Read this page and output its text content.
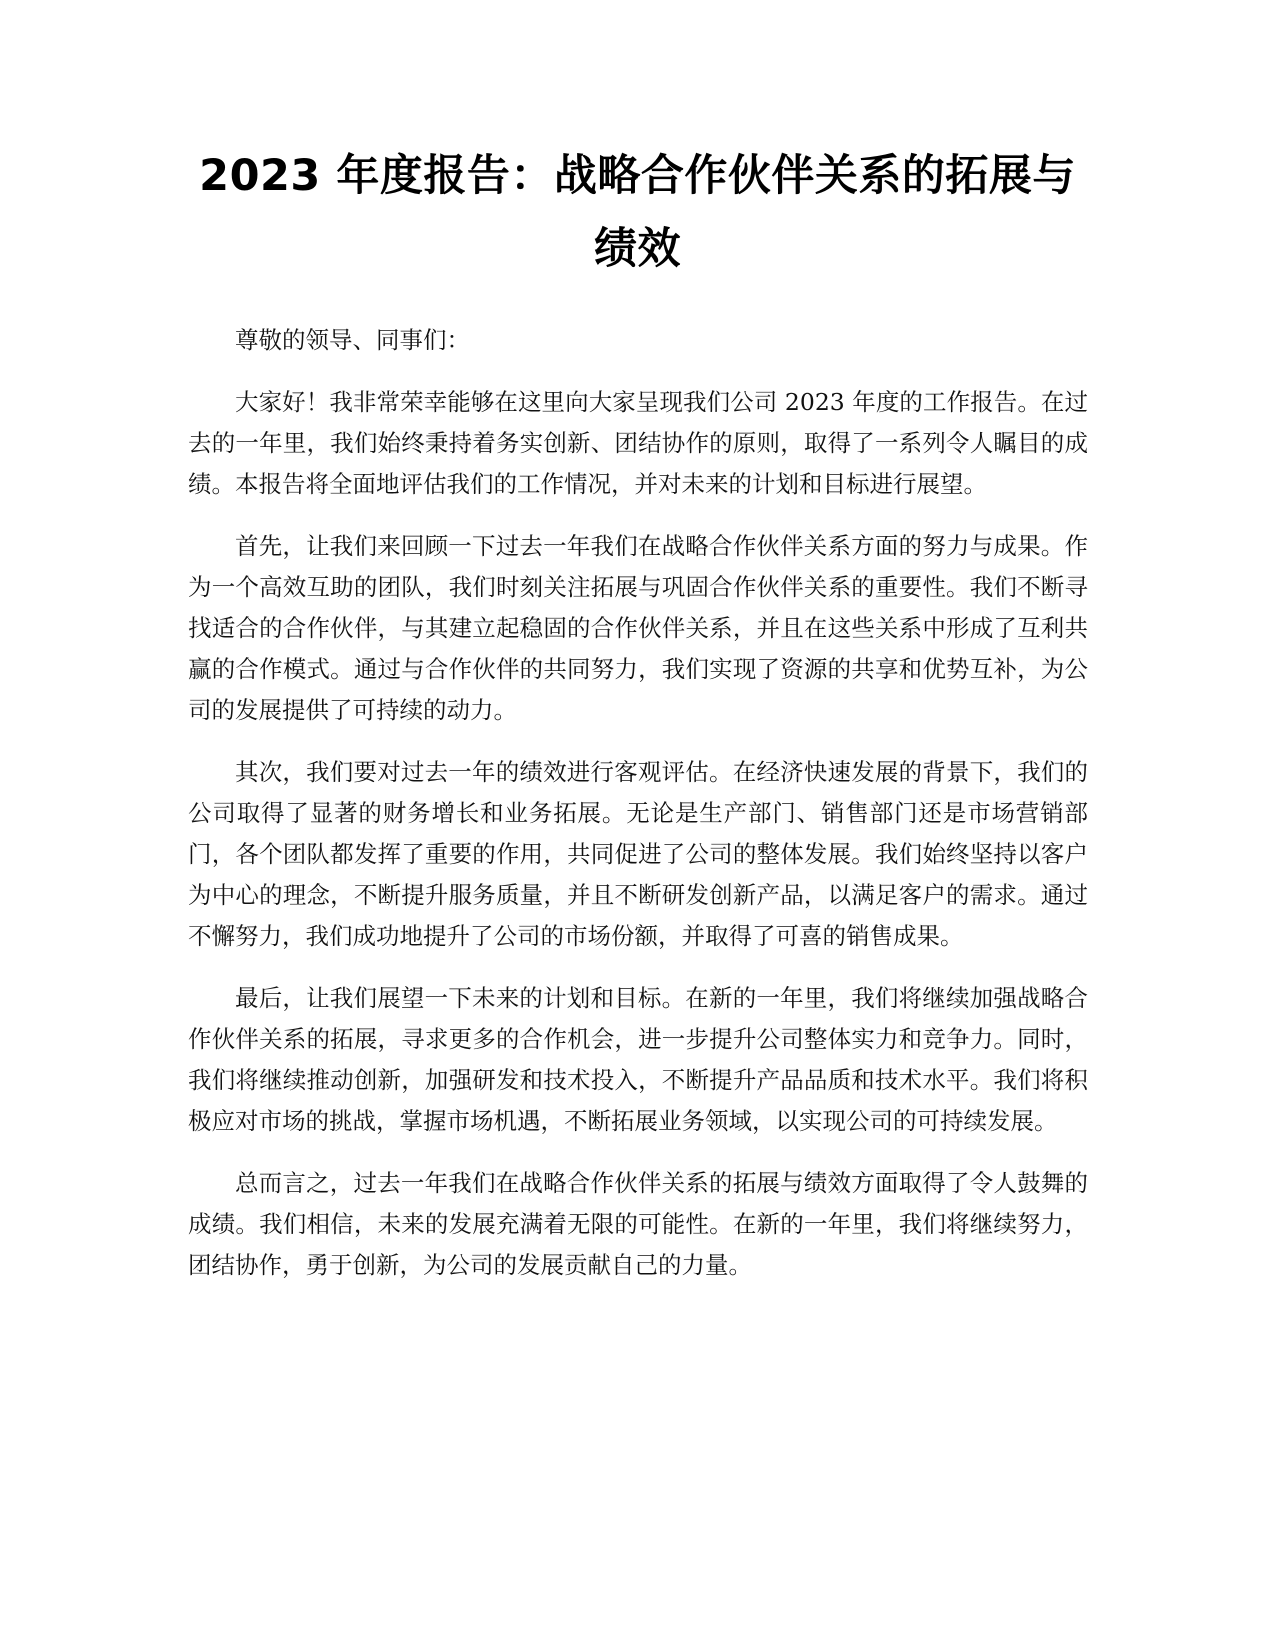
2023 年度报告：战略合作伙伴关系的拓展与绩效

尊敬的领导、同事们：

大家好！我非常荣幸能够在这里向大家呈现我们公司 2023 年度的工作报告。在过去的一年里，我们始终秉持着务实创新、团结协作的原则，取得了一系列令人瞩目的成绩。本报告将全面地评估我们的工作情况，并对未来的计划和目标进行展望。

首先，让我们来回顾一下过去一年我们在战略合作伙伴关系方面的努力与成果。作为一个高效互助的团队，我们时刻关注拓展与巩固合作伙伴关系的重要性。我们不断寻找适合的合作伙伴，与其建立起稳固的合作伙伴关系，并且在这些关系中形成了互利共赢的合作模式。通过与合作伙伴的共同努力，我们实现了资源的共享和优势互补，为公司的发展提供了可持续的动力。

其次，我们要对过去一年的绩效进行客观评估。在经济快速发展的背景下，我们的公司取得了显著的财务增长和业务拓展。无论是生产部门、销售部门还是市场营销部门，各个团队都发挥了重要的作用，共同促进了公司的整体发展。我们始终坚持以客户为中心的理念，不断提升服务质量，并且不断研发创新产品，以满足客户的需求。通过不懈努力，我们成功地提升了公司的市场份额，并取得了可喜的销售成果。

最后，让我们展望一下未来的计划和目标。在新的一年里，我们将继续加强战略合作伙伴关系的拓展，寻求更多的合作机会，进一步提升公司整体实力和竞争力。同时，我们将继续推动创新，加强研发和技术投入，不断提升产品品质和技术水平。我们将积极应对市场的挑战，掌握市场机遇，不断拓展业务领域，以实现公司的可持续发展。

总而言之，过去一年我们在战略合作伙伴关系的拓展与绩效方面取得了令人鼓舞的成绩。我们相信，未来的发展充满着无限的可能性。在新的一年里，我们将继续努力，团结协作，勇于创新，为公司的发展贡献自己的力量。
